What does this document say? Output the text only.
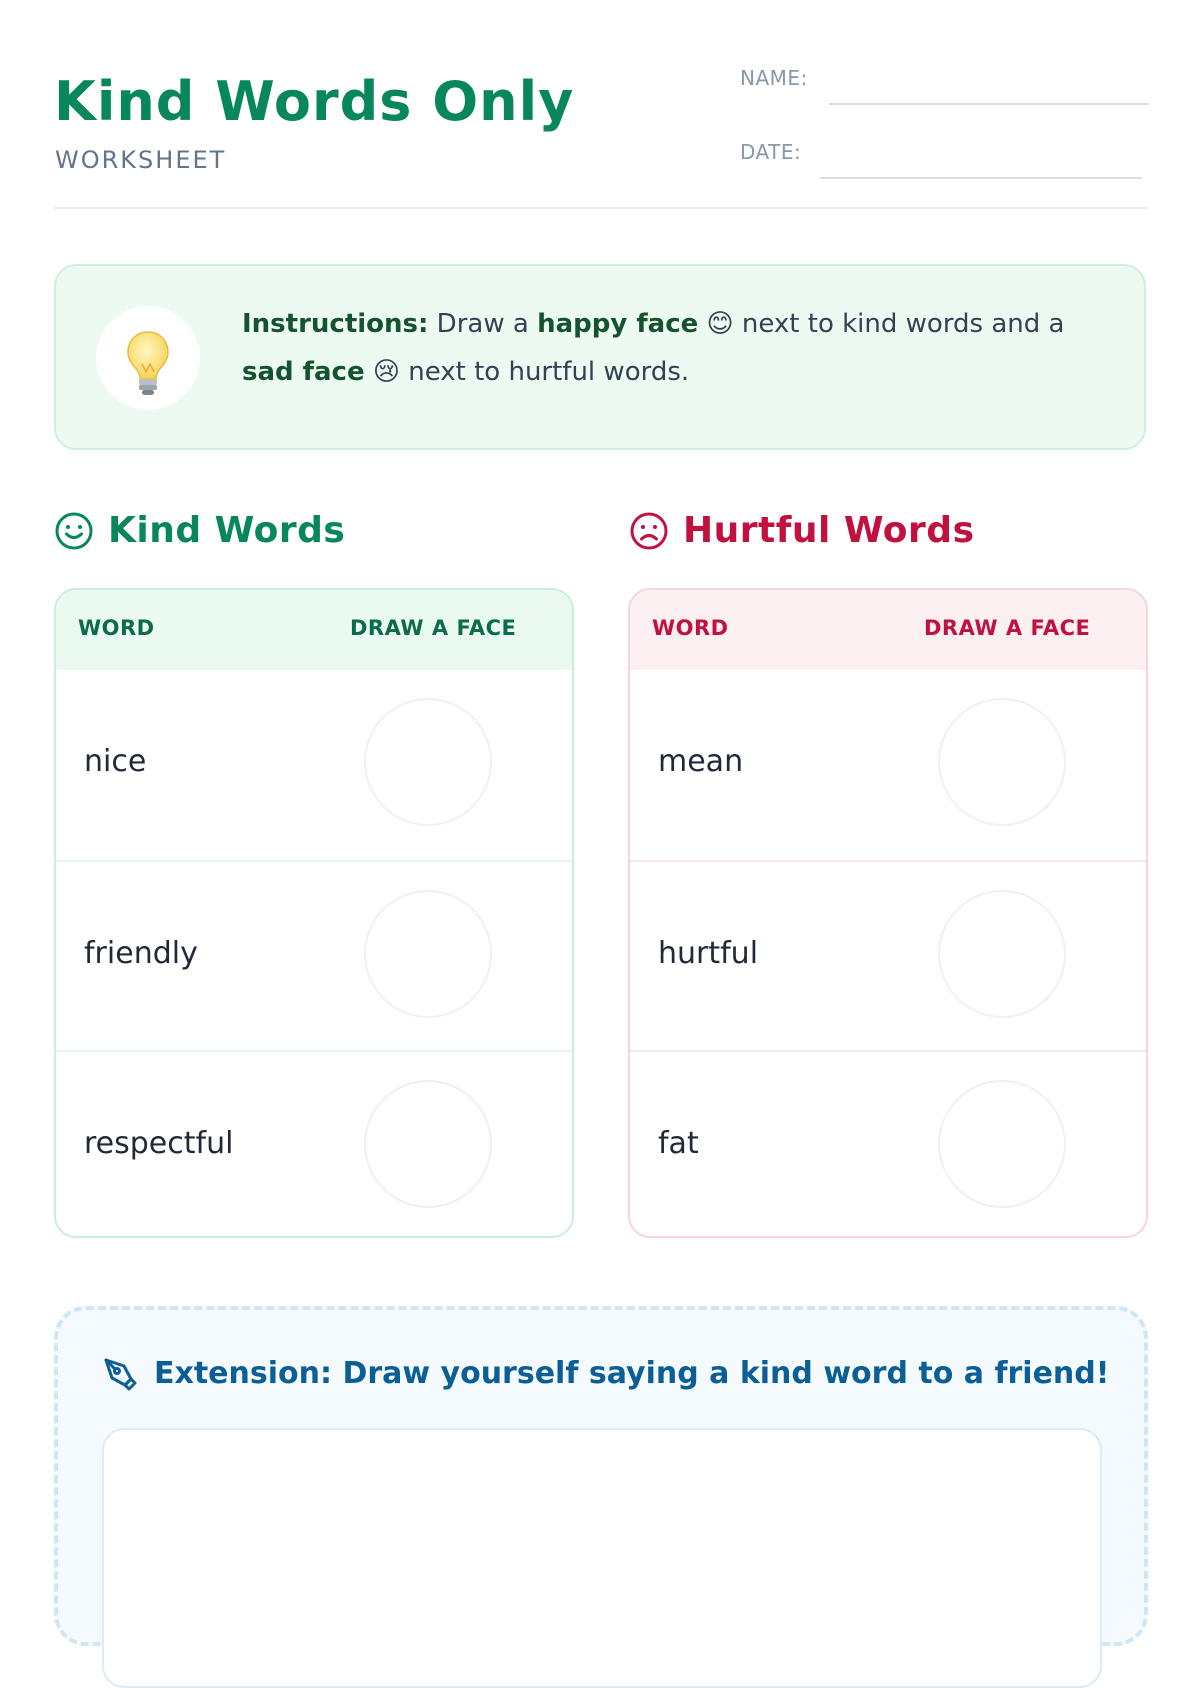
Kind Words Only
WORKSHEET
NAME:
DATE:
Instructions: Draw a happy face 😊 next to kind words and a sad face 😢 next to hurtful words.
Kind Words	Hurtful Words
WORD	DRAW A FACE
nice
friendly
respectful
WORD	DRAW A FACE
mean
hurtful
fat
Extension: Draw yourself saying a kind word to a friend!
